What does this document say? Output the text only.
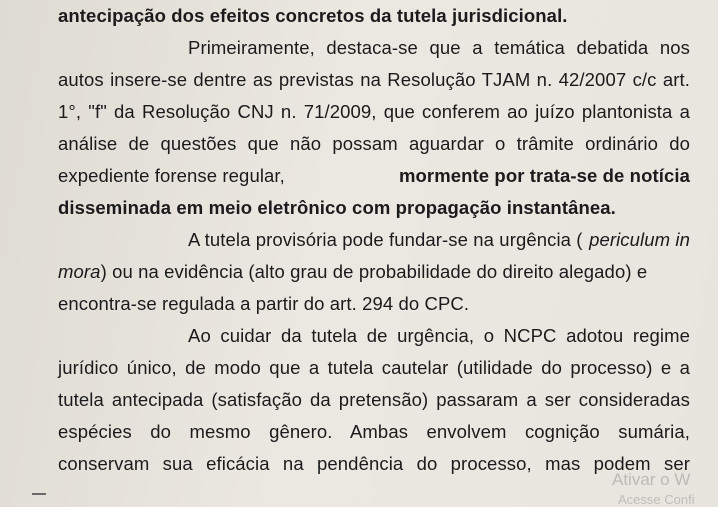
antecipação dos efeitos concretos da tutela jurisdicional.
Primeiramente, destaca-se que a temática debatida nos
autos insere-se dentre as previstas na Resolução TJAM n. 42/2007 c/c art.
1°, "f" da Resolução CNJ n. 71/2009, que conferem ao juízo plantonista a
análise de questões que não possam aguardar o trâmite ordinário do
expediente forense regular,	mormente por trata-se de notícia
disseminada em meio eletrônico com propagação instantânea.
A tutela provisória pode fundar-se na urgência ( periculum in
mora) ou na evidência (alto grau de probabilidade do direito alegado) e
encontra-se regulada a partir do art. 294 do CPC.
Ao cuidar da tutela de urgência, o NCPC adotou regime
jurídico único, de modo que a tutela cautelar (utilidade do processo) e a
tutela antecipada (satisfação da pretensão) passaram a ser consideradas
espécies do mesmo gênero. Ambas envolvem cognição sumária,
conservam sua eficácia na pendência do processo, mas podem ser
Ativar o W
Acesse Confi
